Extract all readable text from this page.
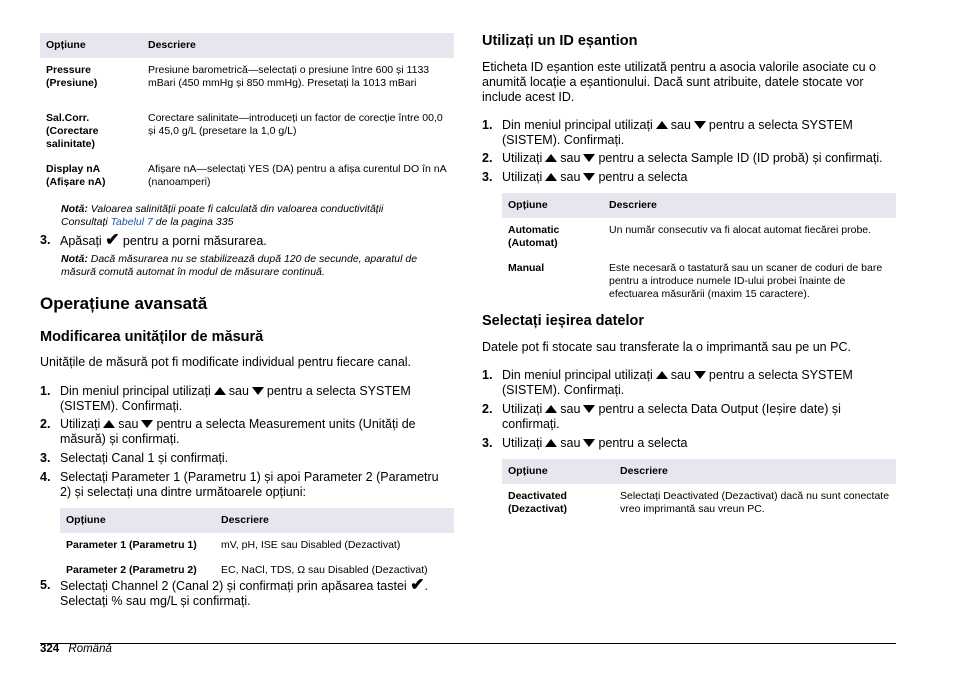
Opțiune	Descriere
Pressure (Presiune)	Presiune barometrică—selectați o presiune între 600 și 1133 mBari (450 mmHg și 850 mmHg). Presetați la 1013 mBari
Sal.Corr. (Corectare salinitate)	Corectare salinitate—introduceți un factor de corecție între 00,0 și 45,0 g/L (presetare la 1,0 g/L)
Display nA (Afișare nA)	Afișare nA—selectați YES (DA) pentru a afișa curentul DO în nA (nanoamperi)
Notă: Valoarea salinității poate fi calculată din valoarea conductivității Consultați Tabelul 7 de la pagina 335
3. Apăsați ✔ pentru a porni măsurarea.
Notă: Dacă măsurarea nu se stabilizează după 120 de secunde, aparatul de măsură comută automat în modul de măsurare continuă.
Operațiune avansată
Modificarea unităților de măsură
Unitățile de măsură pot fi modificate individual pentru fiecare canal.
1. Din meniul principal utilizați sau pentru a selecta SYSTEM (SISTEM). Confirmați.
2. Utilizați sau pentru a selecta Measurement units (Unități de măsură) și confirmați.
3. Selectați Canal 1 și confirmați.
4. Selectați Parameter 1 (Parametru 1) și apoi Parameter 2 (Parametru 2) și selectați una dintre următoarele opțiuni:
Opțiune	Descriere
Parameter 1 (Parametru 1)	mV, pH, ISE sau Disabled (Dezactivat)
Parameter 2 (Parametru 2)	EC, NaCl, TDS, Ω sau Disabled (Dezactivat)
5. Selectați Channel 2 (Canal 2) și confirmați prin apăsarea tastei ✔. Selectați % sau mg/L și confirmați.
Utilizați un ID eșantion
Eticheta ID eșantion este utilizată pentru a asocia valorile asociate cu o anumită locație a eșantionului. Dacă sunt atribuite, datele stocate vor include acest ID.
1. Din meniul principal utilizați sau pentru a selecta SYSTEM (SISTEM). Confirmați.
2. Utilizați sau pentru a selecta Sample ID (ID probă) și confirmați.
3. Utilizați sau pentru a selecta
Opțiune	Descriere
Automatic (Automat)	Un număr consecutiv va fi alocat automat fiecărei probe.
Manual	Este necesară o tastatură sau un scaner de coduri de bare pentru a introduce numele ID-ului probei înainte de efectuarea măsurării (maxim 15 caractere).
Selectați ieșirea datelor
Datele pot fi stocate sau transferate la o imprimantă sau pe un PC.
1. Din meniul principal utilizați sau pentru a selecta SYSTEM (SISTEM). Confirmați.
2. Utilizați sau pentru a selecta Data Output (Ieșire date) și confirmați.
3. Utilizați sau pentru a selecta
Opțiune	Descriere
Deactivated (Dezactivat)	Selectați Deactivated (Dezactivat) dacă nu sunt conectate vreo imprimantă sau vreun PC.
324 Română
